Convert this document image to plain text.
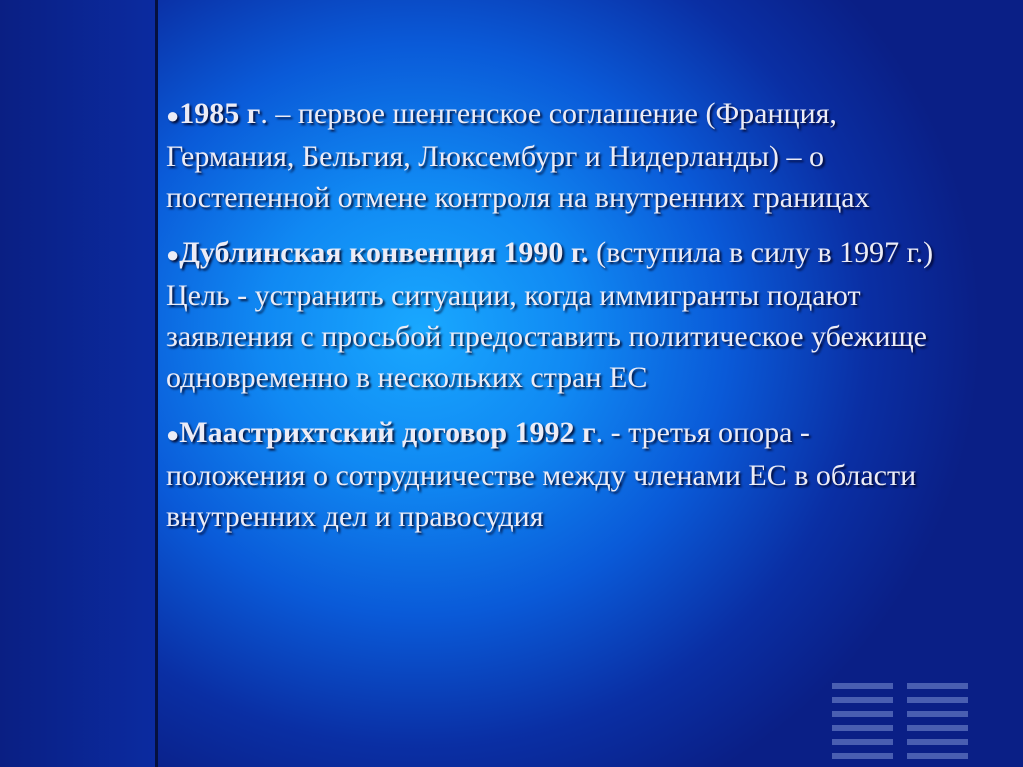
●1985 г. – первое шенгенское соглашение (Франция, Германия, Бельгия, Люксембург и Нидерланды) – о постепенной отмене контроля на внутренних границах
●Дублинская конвенция 1990 г. (вступила в силу в 1997 г.) Цель - устранить ситуации, когда иммигранты подают заявления с просьбой предоставить политическое убежище одновременно в нескольких стран ЕС
●Маастрихтский договор 1992 г. - третья опора - положения о сотрудничестве между членами ЕС в области внутренних дел и правосудия
